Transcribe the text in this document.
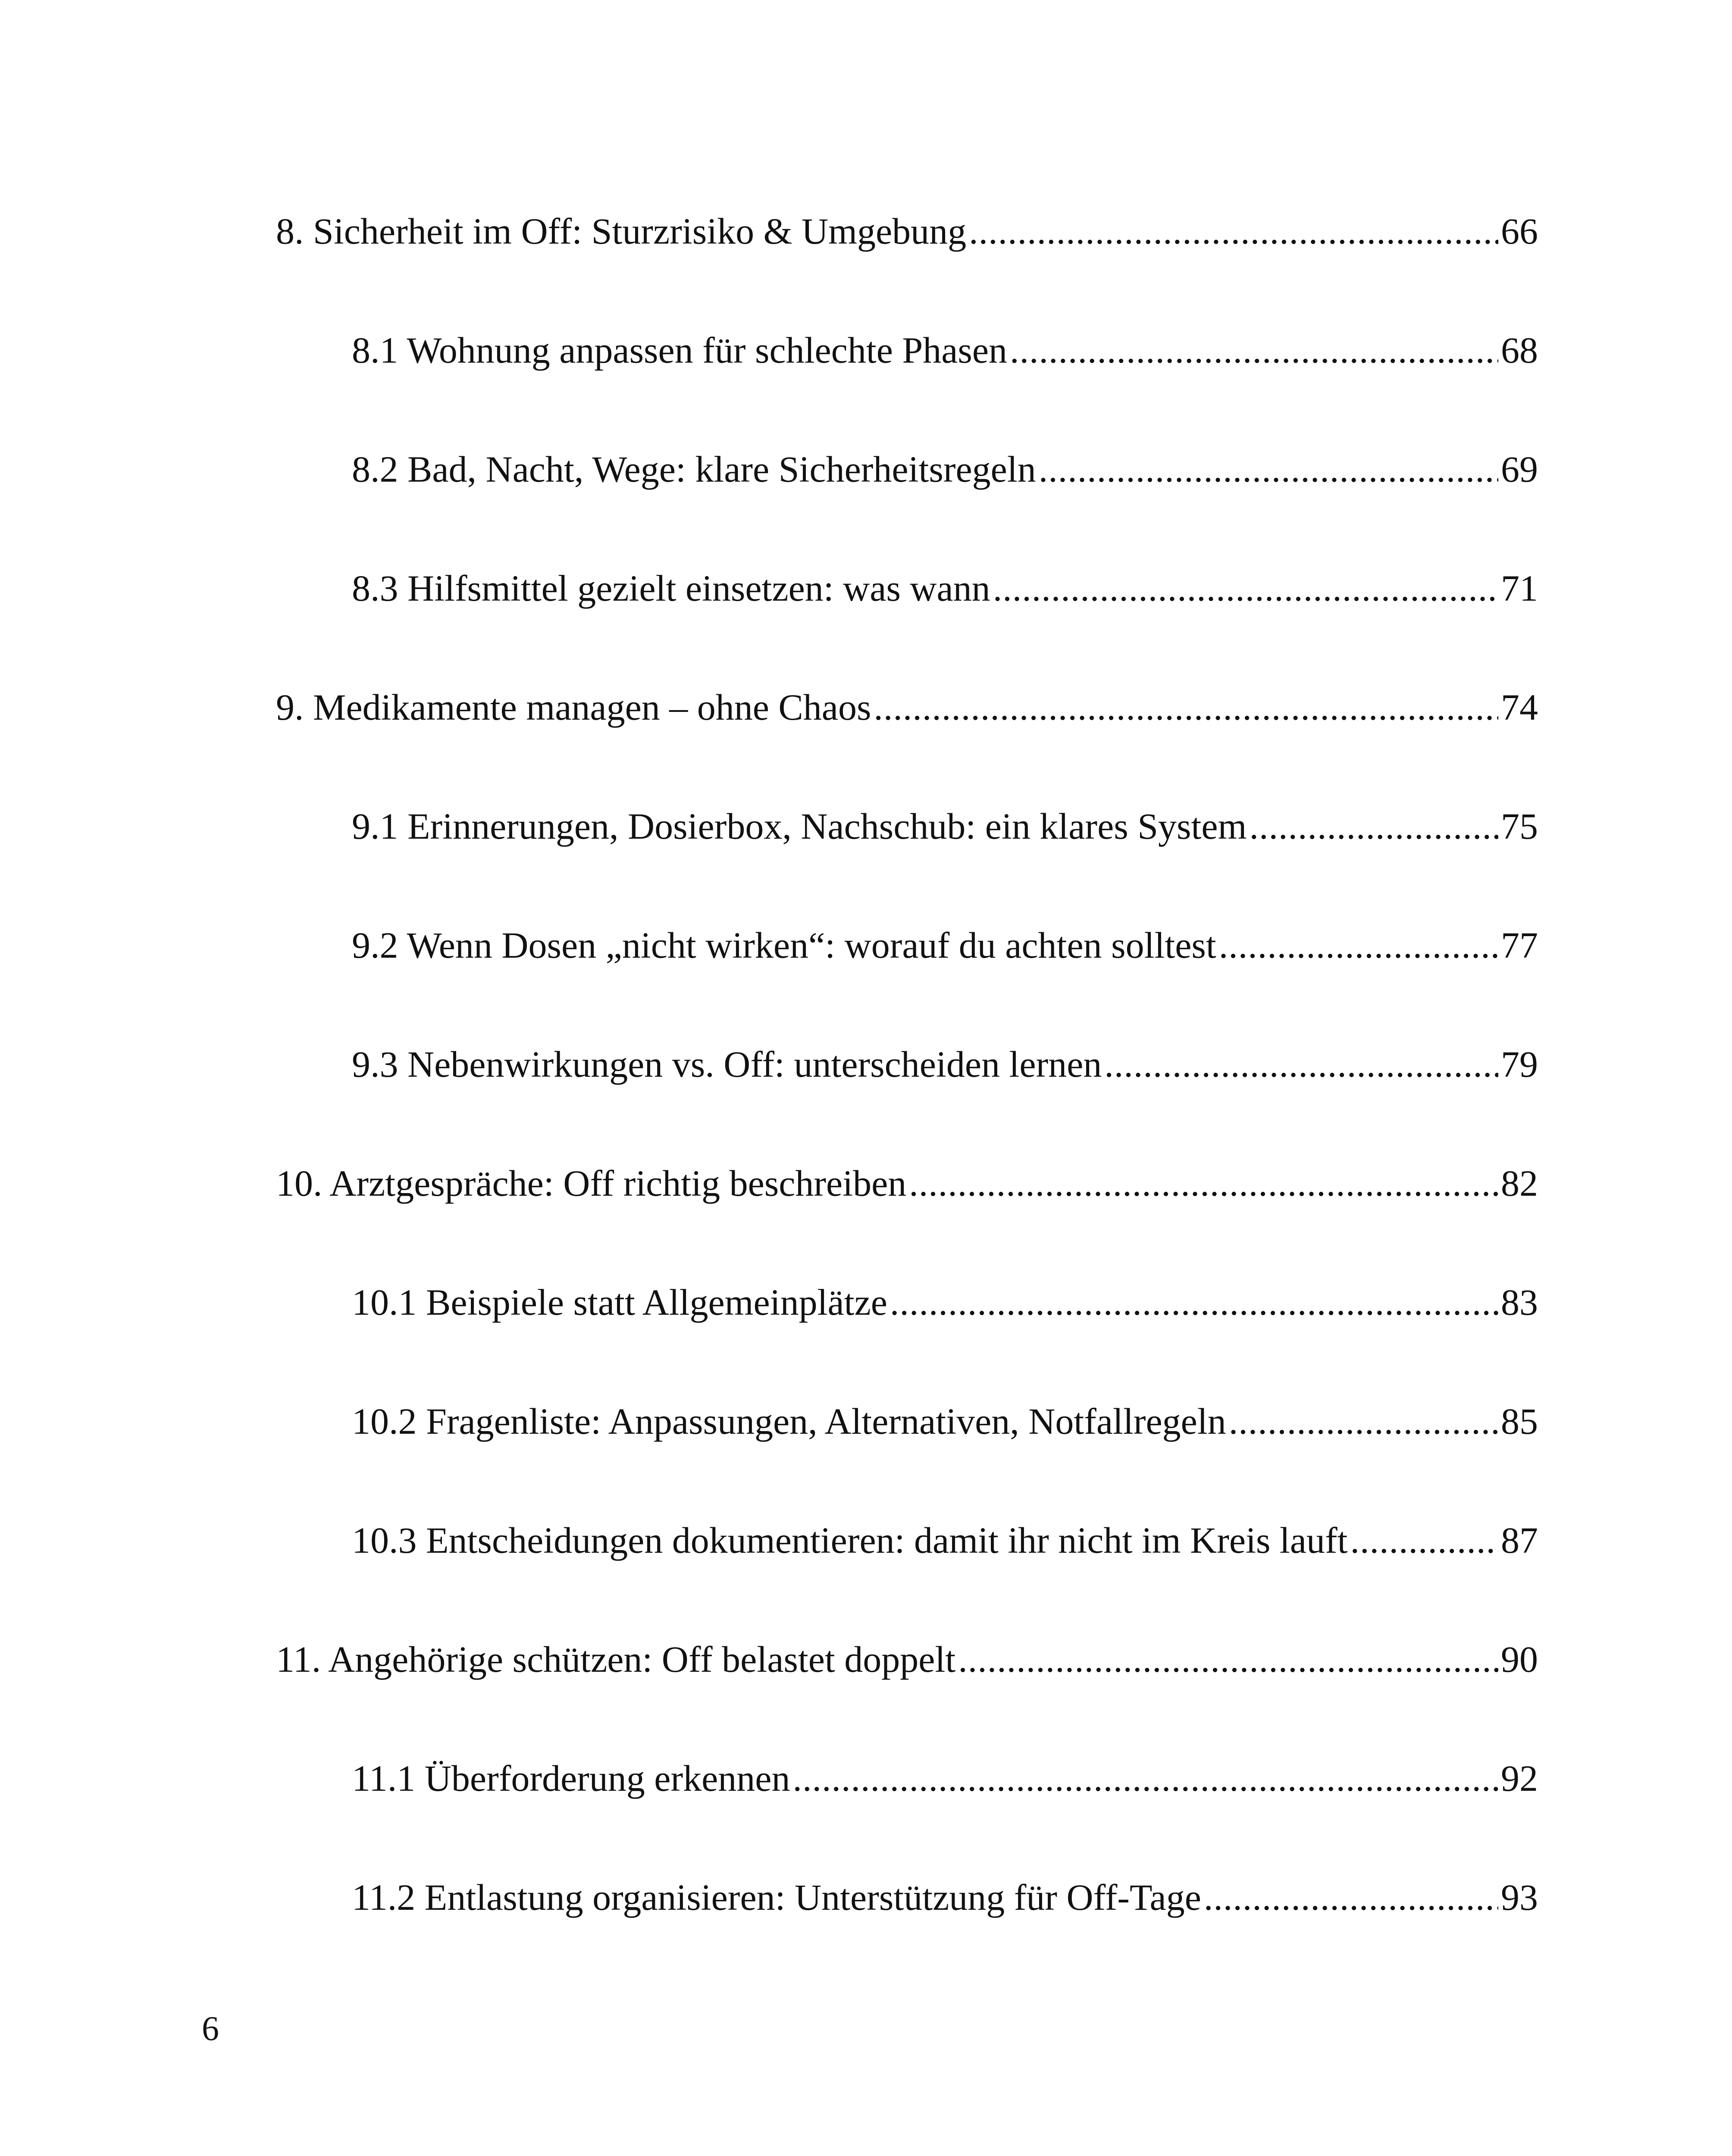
8. Sicherheit im Off: Sturzrisiko & Umgebung .....	66
8.1 Wohnung anpassen für schlechte Phasen .....	68
8.2 Bad, Nacht, Wege: klare Sicherheitsregeln .....	69
8.3 Hilfsmittel gezielt einsetzen: was wann .....	71
9. Medikamente managen – ohne Chaos .....	74
9.1 Erinnerungen, Dosierbox, Nachschub: ein klares System .....	75
9.2 Wenn Dosen „nicht wirken“: worauf du achten solltest .....	77
9.3 Nebenwirkungen vs. Off: unterscheiden lernen .....	79
10. Arztgespräche: Off richtig beschreiben .....	82
10.1 Beispiele statt Allgemeinplätze .....	83
10.2 Fragenliste: Anpassungen, Alternativen, Notfallregeln .....	85
10.3 Entscheidungen dokumentieren: damit ihr nicht im Kreis lauft .....	87
11. Angehörige schützen: Off belastet doppelt .....	90
11.1 Überforderung erkennen .....	92
11.2 Entlastung organisieren: Unterstützung für Off-Tage .....	93
6
